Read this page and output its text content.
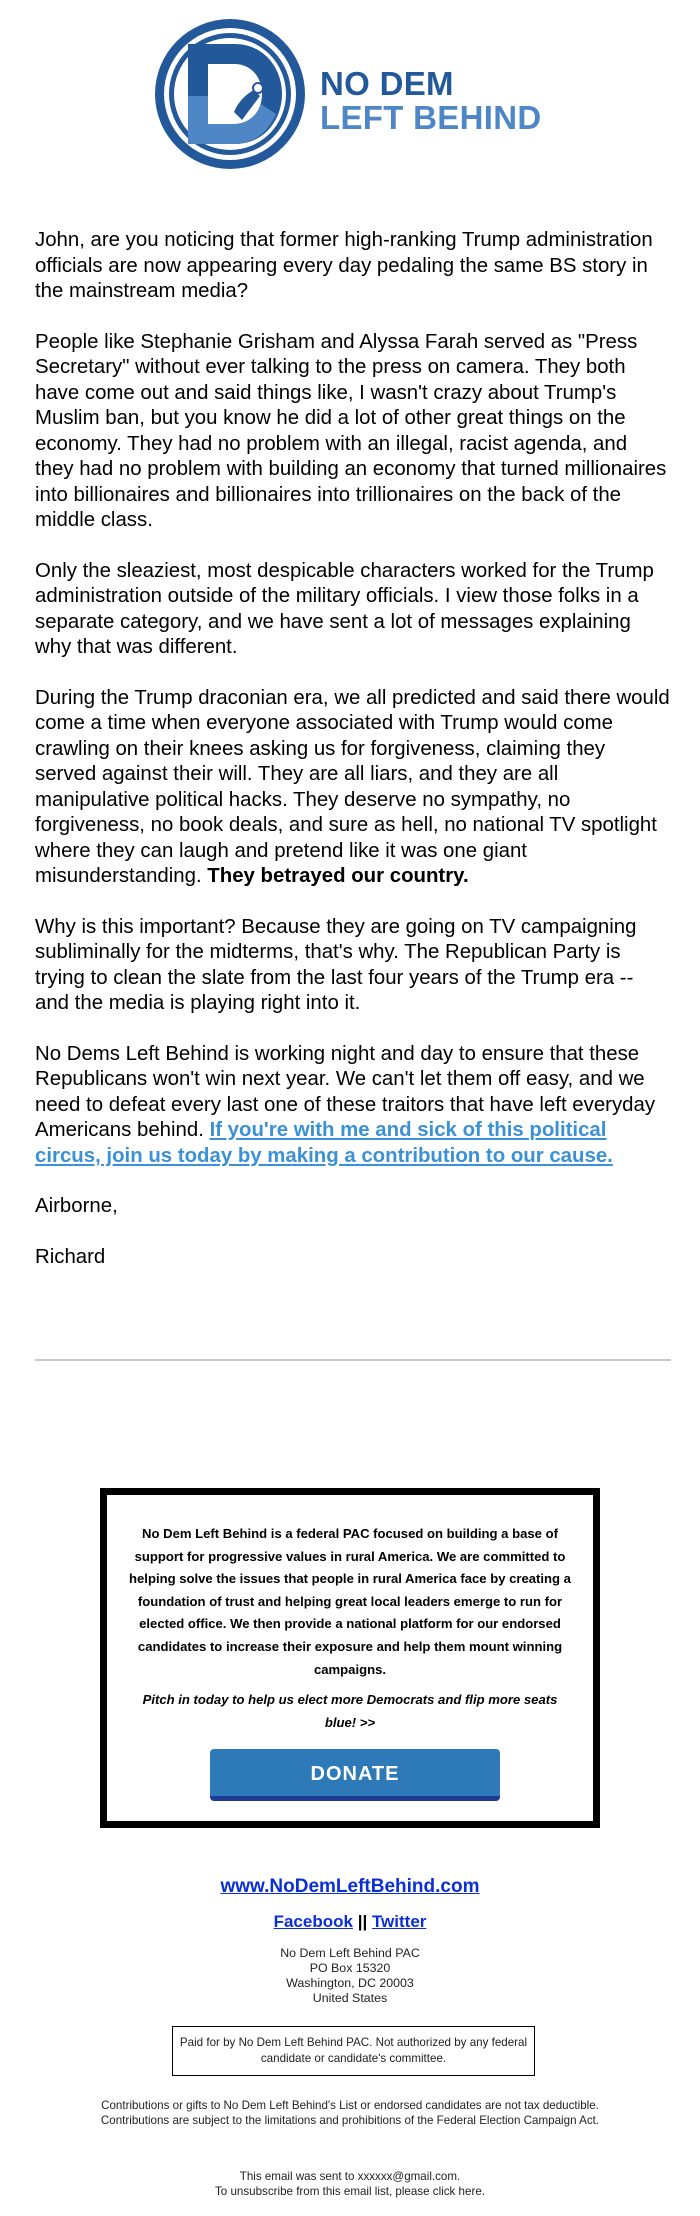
NO DEM
LEFT BEHIND

John, are you noticing that former high-ranking Trump administration officials are now appearing every day pedaling the same BS story in the mainstream media?

People like Stephanie Grisham and Alyssa Farah served as "Press Secretary" without ever talking to the press on camera. They both have come out and said things like, I wasn't crazy about Trump's Muslim ban, but you know he did a lot of other great things on the economy. They had no problem with an illegal, racist agenda, and they had no problem with building an economy that turned millionaires into billionaires and billionaires into trillionaires on the back of the middle class.

Only the sleaziest, most despicable characters worked for the Trump administration outside of the military officials. I view those folks in a separate category, and we have sent a lot of messages explaining why that was different.

During the Trump draconian era, we all predicted and said there would come a time when everyone associated with Trump would come crawling on their knees asking us for forgiveness, claiming they served against their will. They are all liars, and they are all manipulative political hacks. They deserve no sympathy, no forgiveness, no book deals, and sure as hell, no national TV spotlight where they can laugh and pretend like it was one giant misunderstanding. They betrayed our country.

Why is this important? Because they are going on TV campaigning subliminally for the midterms, that's why. The Republican Party is trying to clean the slate from the last four years of the Trump era -- and the media is playing right into it.

No Dems Left Behind is working night and day to ensure that these Republicans won't win next year. We can't let them off easy, and we need to defeat every last one of these traitors that have left everyday Americans behind. If you're with me and sick of this political circus, join us today by making a contribution to our cause.

Airborne,

Richard

No Dem Left Behind is a federal PAC focused on building a base of support for progressive values in rural America. We are committed to helping solve the issues that people in rural America face by creating a foundation of trust and helping great local leaders emerge to run for elected office. We then provide a national platform for our endorsed candidates to increase their exposure and help them mount winning campaigns.
Pitch in today to help us elect more Democrats and flip more seats blue! >>
DONATE
www.NoDemLeftBehind.com
Facebook || Twitter
No Dem Left Behind PAC
PO Box 15320
Washington, DC 20003
United States
Paid for by No Dem Left Behind PAC. Not authorized by any federal candidate or candidate's committee.
Contributions or gifts to No Dem Left Behind's List or endorsed candidates are not tax deductible.
Contributions are subject to the limitations and prohibitions of the Federal Election Campaign Act.
This email was sent to xxxxxx@gmail.com.
To unsubscribe from this email list, please click here.
